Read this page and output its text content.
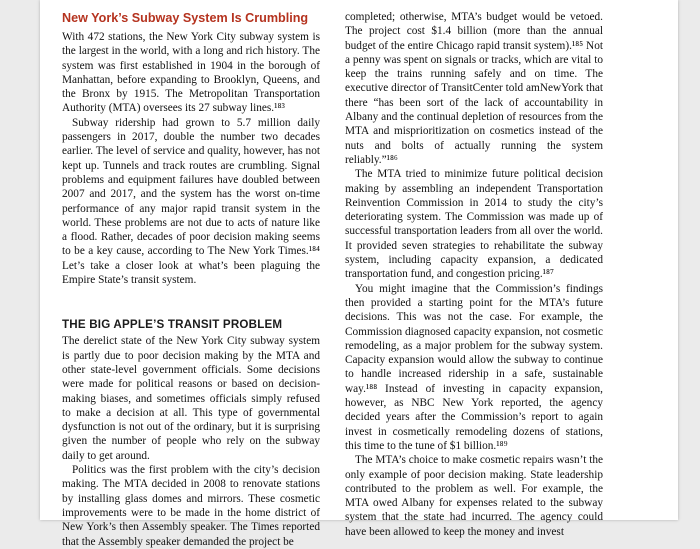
New York’s Subway System Is Crumbling

With 472 stations, the New York City subway system is the largest in the world, with a long and rich history. The system was first established in 1904 in the borough of Manhattan, before expanding to Brooklyn, Queens, and the Bronx by 1915. The Metropolitan Transportation Authority (MTA) oversees its 27 subway lines.¹⁸³

Subway ridership had grown to 5.7 million daily passengers in 2017, double the number two decades earlier. The level of service and quality, however, has not kept up. Tunnels and track routes are crumbling. Signal problems and equipment failures have doubled between 2007 and 2017, and the system has the worst on-time performance of any major rapid transit system in the world. These problems are not due to acts of nature like a flood. Rather, decades of poor decision making seems to be a key cause, according to The New York Times.¹⁸⁴ Let’s take a closer look at what’s been plaguing the Empire State’s transit system.

THE BIG APPLE’S TRANSIT PROBLEM

The derelict state of the New York City subway system is partly due to poor decision making by the MTA and other state-level government officials. Some decisions were made for political reasons or based on decision-making biases, and sometimes officials simply refused to make a decision at all. This type of governmental dysfunction is not out of the ordinary, but it is surprising given the number of people who rely on the subway daily to get around.

Politics was the first problem with the city’s decision making. The MTA decided in 2008 to renovate stations by installing glass domes and mirrors. These cosmetic improvements were to be made in the home district of New York’s then Assembly speaker. The Times reported that the Assembly speaker demanded the project be

completed; otherwise, MTA’s budget would be vetoed. The project cost $1.4 billion (more than the annual budget of the entire Chicago rapid transit system).¹⁸⁵ Not a penny was spent on signals or tracks, which are vital to keep the trains running safely and on time. The executive director of TransitCenter told amNewYork that there “has been sort of the lack of accountability in Albany and the continual depletion of resources from the MTA and misprioritization on cosmetics instead of the nuts and bolts of actually running the system reliably.”¹⁸⁶

The MTA tried to minimize future political decision making by assembling an independent Transportation Reinvention Commission in 2014 to study the city’s deteriorating system. The Commission was made up of successful transportation leaders from all over the world. It provided seven strategies to rehabilitate the subway system, including capacity expansion, a dedicated transportation fund, and congestion pricing.¹⁸⁷

You might imagine that the Commission’s findings then provided a starting point for the MTA’s future decisions. This was not the case. For example, the Commission diagnosed capacity expansion, not cosmetic remodeling, as a major problem for the subway system. Capacity expansion would allow the subway to continue to handle increased ridership in a safe, sustainable way.¹⁸⁸ Instead of investing in capacity expansion, however, as NBC New York reported, the agency decided years after the Commission’s report to again invest in cosmetically remodeling dozens of stations, this time to the tune of $1 billion.¹⁸⁹

The MTA’s choice to make cosmetic repairs wasn’t the only example of poor decision making. State leadership contributed to the problem as well. For example, the MTA owed Albany for expenses related to the subway system that the state had incurred. The agency could have been allowed to keep the money and invest
